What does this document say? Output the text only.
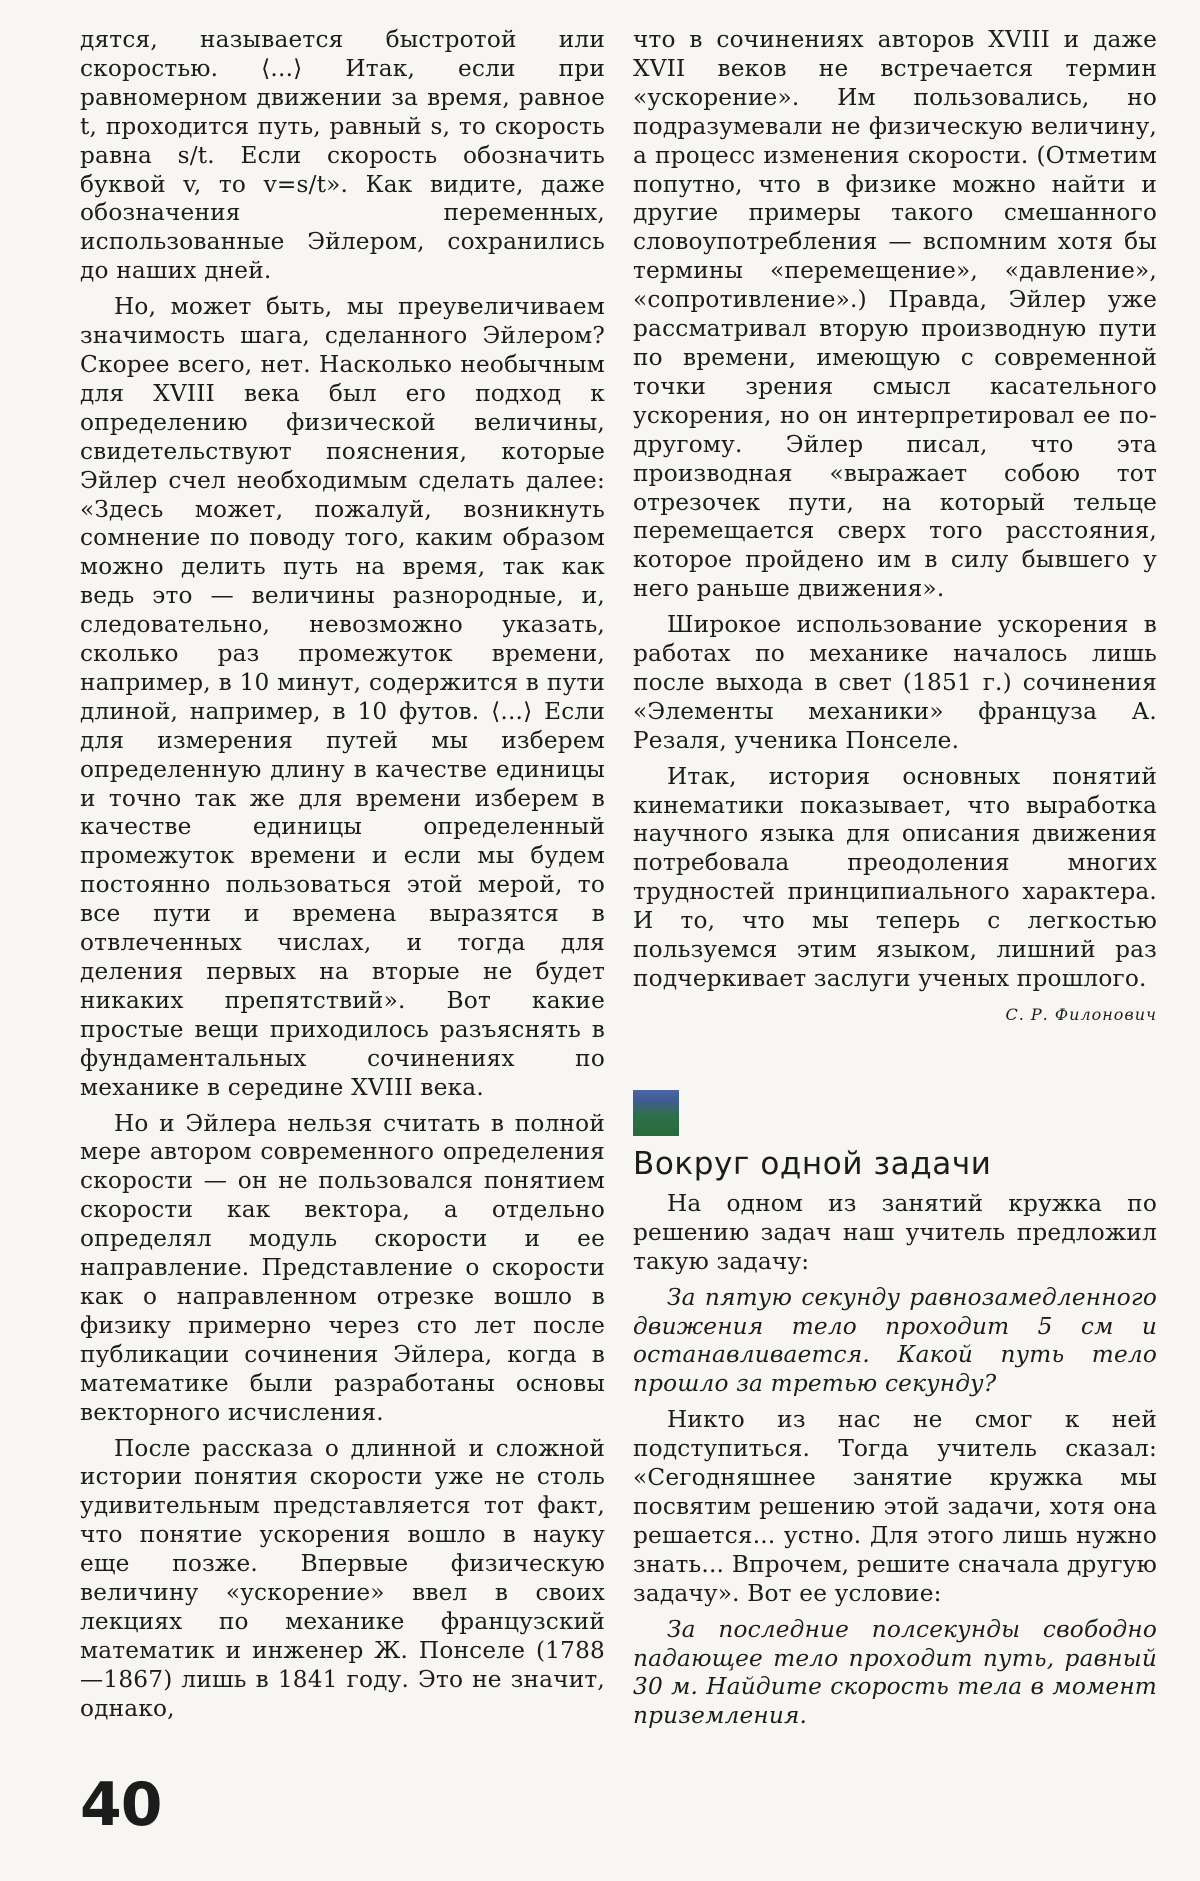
дятся, называется быстротой или скоростью. ⟨...⟩ Итак, если при равномерном движении за время, равное t, проходится путь, равный s, то скорость равна s/t. Если скорость обозначить буквой v, то v=s/t». Как видите, даже обозначения переменных, использованные Эйлером, сохранились до наших дней.

Но, может быть, мы преувеличиваем значимость шага, сделанного Эйлером? Скорее всего, нет. Насколько необычным для XVIII века был его подход к определению физической величины, свидетельствуют пояснения, которые Эйлер счел необходимым сделать далее: «Здесь может, пожалуй, возникнуть сомнение по поводу того, каким образом можно делить путь на время, так как ведь это — величины разнородные, и, следовательно, невозможно указать, сколько раз промежуток времени, например, в 10 минут, содержится в пути длиной, например, в 10 футов. ⟨...⟩ Если для измерения путей мы изберем определенную длину в качестве единицы и точно так же для времени изберем в качестве единицы определенный промежуток времени и если мы будем постоянно пользоваться этой мерой, то все пути и времена выразятся в отвлеченных числах, и тогда для деления первых на вторые не будет никаких препятствий». Вот какие простые вещи приходилось разъяснять в фундаментальных сочинениях по механике в середине XVIII века.

Но и Эйлера нельзя считать в полной мере автором современного определения скорости — он не пользовался понятием скорости как вектора, а отдельно определял модуль скорости и ее направление. Представление о скорости как о направленном отрезке вошло в физику примерно через сто лет после публикации сочинения Эйлера, когда в математике были разработаны основы векторного исчисления.

После рассказа о длинной и сложной истории понятия скорости уже не столь удивительным представляется тот факт, что понятие ускорения вошло в науку еще позже. Впервые физическую величину «ускорение» ввел в своих лекциях по механике французский математик и инженер Ж. Понселе (1788—1867) лишь в 1841 году. Это не значит, однако,

что в сочинениях авторов XVIII и даже XVII веков не встречается термин «ускорение». Им пользовались, но подразумевали не физическую величину, а процесс изменения скорости. (Отметим попутно, что в физике можно найти и другие примеры такого смешанного словоупотребления — вспомним хотя бы термины «перемещение», «давление», «сопротивление».) Правда, Эйлер уже рассматривал вторую производную пути по времени, имеющую с современной точки зрения смысл касательного ускорения, но он интерпретировал ее по-другому. Эйлер писал, что эта производная «выражает собою тот отрезочек пути, на который тельце перемещается сверх того расстояния, которое пройдено им в силу бывшего у него раньше движения».

Широкое использование ускорения в работах по механике началось лишь после выхода в свет (1851 г.) сочинения «Элементы механики» француза А. Резаля, ученика Понселе.

Итак, история основных понятий кинематики показывает, что выработка научного языка для описания движения потребовала преодоления многих трудностей принципиального характера. И то, что мы теперь с легкостью пользуемся этим языком, лишний раз подчеркивает заслуги ученых прошлого.

С. Р. Филонович
Вокруг одной задачи

На одном из занятий кружка по решению задач наш учитель предложил такую задачу:

За пятую секунду равнозамедленного движения тело проходит 5 см и останавливается. Какой путь тело прошло за третью секунду?

Никто из нас не смог к ней подступиться. Тогда учитель сказал: «Сегодняшнее занятие кружка мы посвятим решению этой задачи, хотя она решается... устно. Для этого лишь нужно знать... Впрочем, решите сначала другую задачу». Вот ее условие:

За последние полсекунды свободно падающее тело проходит путь, равный 30 м. Найдите скорость тела в момент приземления.

40
